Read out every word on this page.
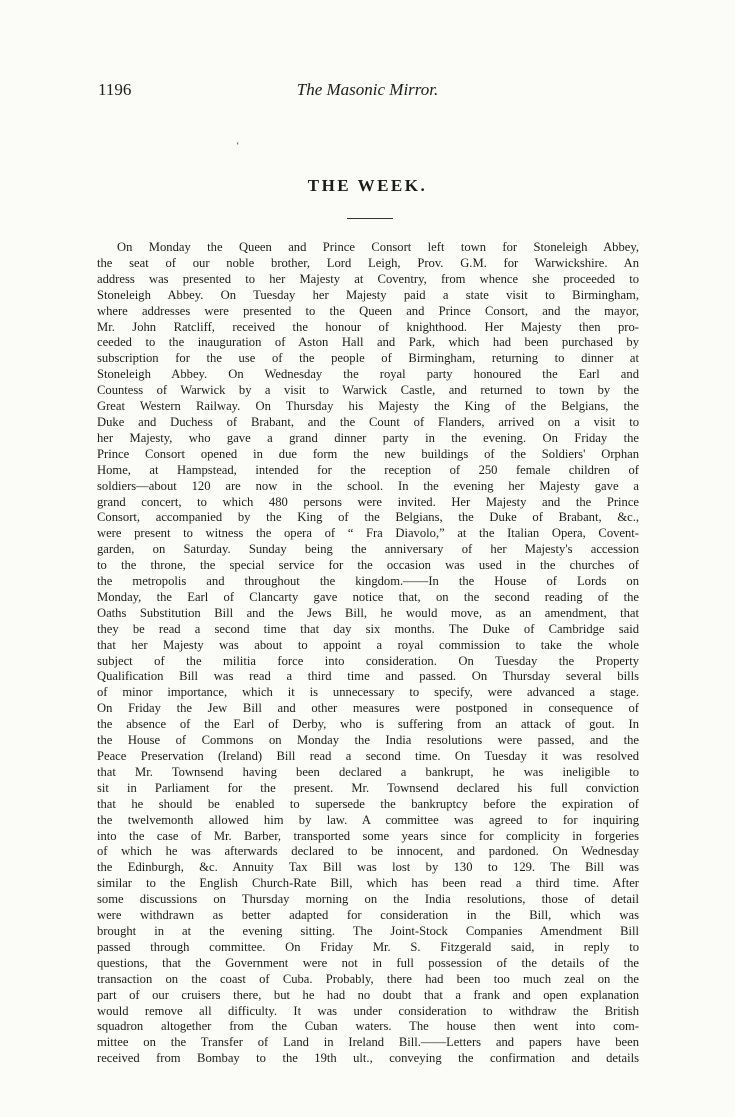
1196	The Masonic Mirror.
‘
THE WEEK.
On Monday the Queen and Prince Consort left town for Stoneleigh Abbey,
the seat of our noble brother, Lord Leigh, Prov. G.M. for Warwickshire. An
address was presented to her Majesty at Coventry, from whence she proceeded to
Stoneleigh Abbey. On Tuesday her Majesty paid a state visit to Birmingham,
where addresses were presented to the Queen and Prince Consort, and the mayor,
Mr. John Ratcliff, received the honour of knighthood. Her Majesty then pro-
ceeded to the inauguration of Aston Hall and Park, which had been purchased by
subscription for the use of the people of Birmingham, returning to dinner at
Stoneleigh Abbey. On Wednesday the royal party honoured the Earl and
Countess of Warwick by a visit to Warwick Castle, and returned to town by the
Great Western Railway. On Thursday his Majesty the King of the Belgians, the
Duke and Duchess of Brabant, and the Count of Flanders, arrived on a visit to
her Majesty, who gave a grand dinner party in the evening. On Friday the
Prince Consort opened in due form the new buildings of the Soldiers' Orphan
Home, at Hampstead, intended for the reception of 250 female children of
soldiers—about 120 are now in the school. In the evening her Majesty gave a
grand concert, to which 480 persons were invited. Her Majesty and the Prince
Consort, accompanied by the King of the Belgians, the Duke of Brabant, &c.,
were present to witness the opera of “ Fra Diavolo,” at the Italian Opera, Covent-
garden, on Saturday. Sunday being the anniversary of her Majesty's accession
to the throne, the special service for the occasion was used in the churches of
the metropolis and throughout the kingdom.——In the House of Lords on
Monday, the Earl of Clancarty gave notice that, on the second reading of the
Oaths Substitution Bill and the Jews Bill, he would move, as an amendment, that
they be read a second time that day six months. The Duke of Cambridge said
that her Majesty was about to appoint a royal commission to take the whole
subject of the militia force into consideration. On Tuesday the Property
Qualification Bill was read a third time and passed. On Thursday several bills
of minor importance, which it is unnecessary to specify, were advanced a stage.
On Friday the Jew Bill and other measures were postponed in consequence of
the absence of the Earl of Derby, who is suffering from an attack of gout. In
the House of Commons on Monday the India resolutions were passed, and the
Peace Preservation (Ireland) Bill read a second time. On Tuesday it was resolved
that Mr. Townsend having been declared a bankrupt, he was ineligible to
sit in Parliament for the present. Mr. Townsend declared his full conviction
that he should be enabled to supersede the bankruptcy before the expiration of
the twelvemonth allowed him by law. A committee was agreed to for inquiring
into the case of Mr. Barber, transported some years since for complicity in forgeries
of which he was afterwards declared to be innocent, and pardoned. On Wednesday
the Edinburgh, &c. Annuity Tax Bill was lost by 130 to 129. The Bill was
similar to the English Church-Rate Bill, which has been read a third time. After
some discussions on Thursday morning on the India resolutions, those of detail
were withdrawn as better adapted for consideration in the Bill, which was
brought in at the evening sitting. The Joint-Stock Companies Amendment Bill
passed through committee. On Friday Mr. S. Fitzgerald said, in reply to
questions, that the Government were not in full possession of the details of the
transaction on the coast of Cuba. Probably, there had been too much zeal on the
part of our cruisers there, but he had no doubt that a frank and open explanation
would remove all difficulty. It was under consideration to withdraw the British
squadron altogether from the Cuban waters. The house then went into com-
mittee on the Transfer of Land in Ireland Bill.——Letters and papers have been
received from Bombay to the 19th ult., conveying the confirmation and details
